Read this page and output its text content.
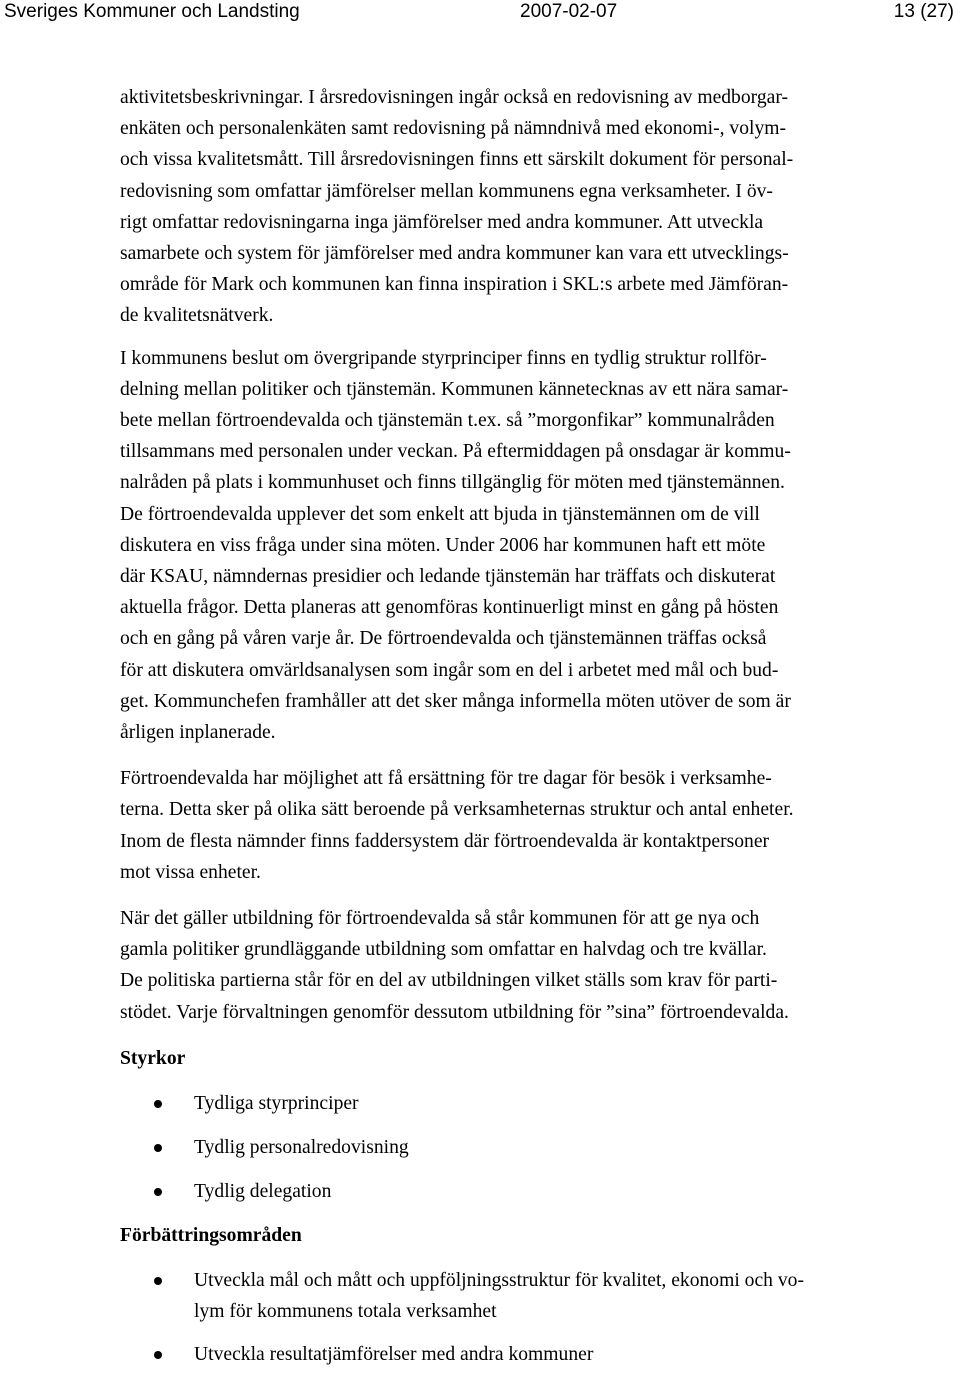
Sveriges Kommuner och Landsting	2007-02-07	13 (27)

aktivitetsbeskrivningar. I årsredovisningen ingår också en redovisning av medborgar-
enkäten och personalenkäten samt redovisning på nämndnivå med ekonomi-, volym-
och vissa kvalitetsmått. Till årsredovisningen finns ett särskilt dokument för personal-
redovisning som omfattar jämförelser mellan kommunens egna verksamheter. I öv-
rigt omfattar redovisningarna inga jämförelser med andra kommuner. Att utveckla
samarbete och system för jämförelser med andra kommuner kan vara ett utvecklings-
område för Mark och kommunen kan finna inspiration i SKL:s arbete med Jämföran-
de kvalitetsnätverk.

I kommunens beslut om övergripande styrprinciper finns en tydlig struktur rollför-
delning mellan politiker och tjänstemän. Kommunen kännetecknas av ett nära samar-
bete mellan förtroendevalda och tjänstemän t.ex. så ”morgonfikar” kommunalråden
tillsammans med personalen under veckan. På eftermiddagen på onsdagar är kommu-
nalråden på plats i kommunhuset och finns tillgänglig för möten med tjänstemännen.
De förtroendevalda upplever det som enkelt att bjuda in tjänstemännen om de vill
diskutera en viss fråga under sina möten. Under 2006 har kommunen haft ett möte
där KSAU, nämndernas presidier och ledande tjänstemän har träffats och diskuterat
aktuella frågor. Detta planeras att genomföras kontinuerligt minst en gång på hösten
och en gång på våren varje år. De förtroendevalda och tjänstemännen träffas också
för att diskutera omvärldsanalysen som ingår som en del i arbetet med mål och bud-
get. Kommunchefen framhåller att det sker många informella möten utöver de som är
årligen inplanerade.

Förtroendevalda har möjlighet att få ersättning för tre dagar för besök i verksamhe-
terna. Detta sker på olika sätt beroende på verksamheternas struktur och antal enheter.
Inom de flesta nämnder finns faddersystem där förtroendevalda är kontaktpersoner
mot vissa enheter.

När det gäller utbildning för förtroendevalda så står kommunen för att ge nya och
gamla politiker grundläggande utbildning som omfattar en halvdag och tre kvällar.
De politiska partierna står för en del av utbildningen vilket ställs som krav för parti-
stödet. Varje förvaltningen genomför dessutom utbildning för ”sina” förtroendevalda.

Styrkor
Tydliga styrprinciper
Tydlig personalredovisning
Tydlig delegation
Förbättringsområden
Utveckla mål och mått och uppföljningsstruktur för kvalitet, ekonomi och vo-
lym för kommunens totala verksamhet
Utveckla resultatjämförelser med andra kommuner
